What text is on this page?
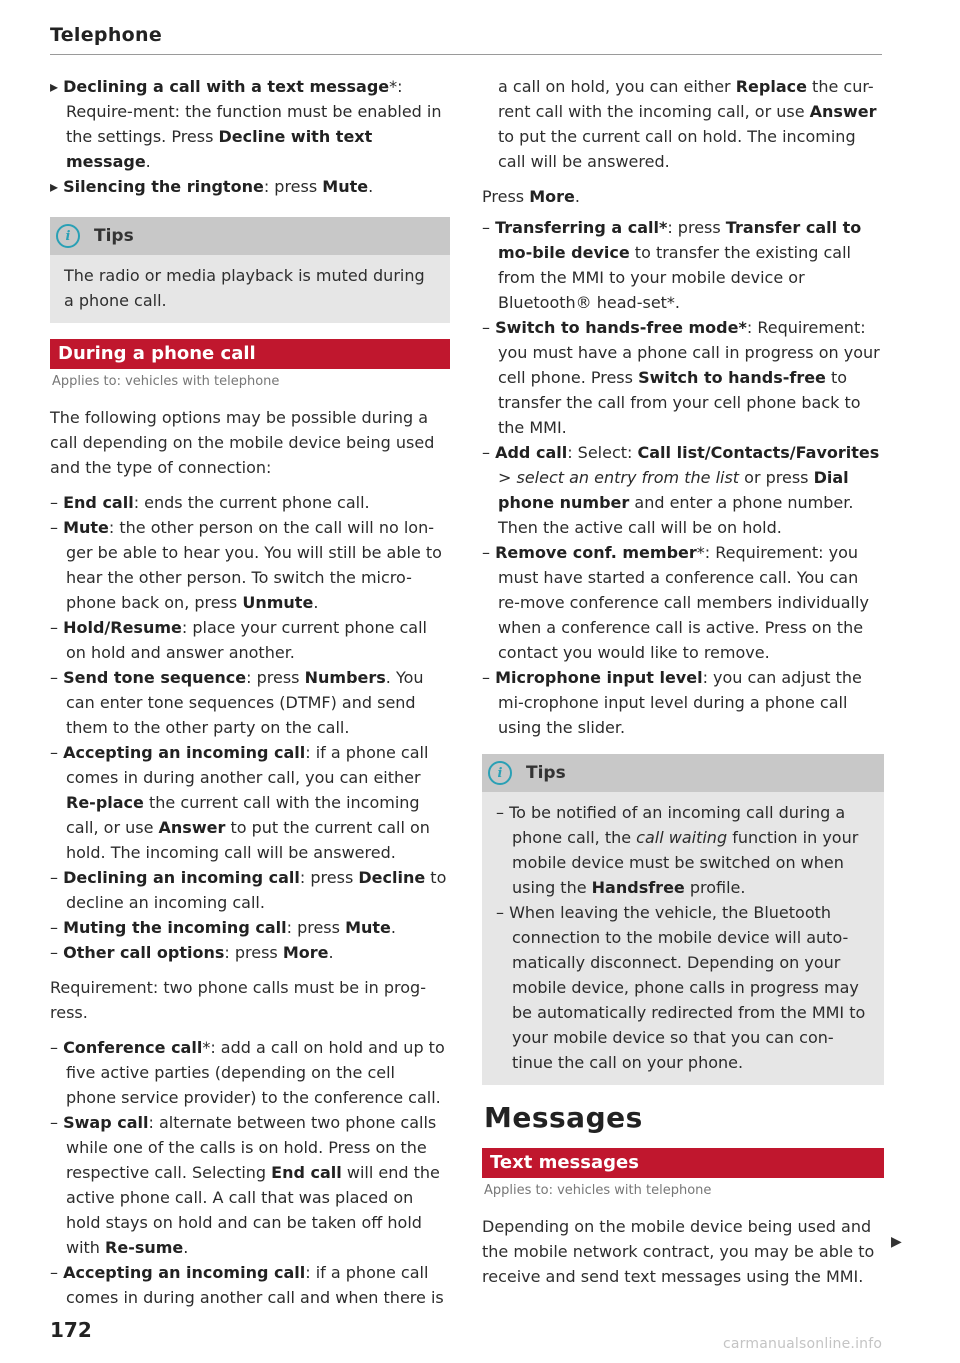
Telephone

▸ Declining a call with a text message*: Require-ment: the function must be enabled in the settings. Press Decline with text message.

▸ Silencing the ringtone: press Mute.

i	Tips
The radio or media playback is muted during a phone call.
During a phone call
Applies to: vehicles with telephone

The following options may be possible during a call depending on the mobile device being used and the type of connection:

– End call: ends the current phone call.

– Mute: the other person on the call will no lon-ger be able to hear you. You will still be able to hear the other person. To switch the micro-phone back on, press Unmute.

– Hold/Resume: place your current phone call on hold and answer another.

– Send tone sequence: press Numbers. You can enter tone sequences (DTMF) and send them to the other party on the call.

– Accepting an incoming call: if a phone call comes in during another call, you can either Re-place the current call with the incoming call, or use Answer to put the current call on hold. The incoming call will be answered.

– Declining an incoming call: press Decline to decline an incoming call.

– Muting the incoming call: press Mute.

– Other call options: press More.

Requirement: two phone calls must be in prog-ress.

– Conference call*: add a call on hold and up to five active parties (depending on the cell phone service provider) to the conference call.

– Swap call: alternate between two phone calls while one of the calls is on hold. Press on the respective call. Selecting End call will end the active phone call. A call that was placed on hold stays on hold and can be taken off hold with Re-sume.

– Accepting an incoming call: if a phone call comes in during another call and when there is

a call on hold, you can either Replace the cur-rent call with the incoming call, or use Answer to put the current call on hold. The incoming call will be answered.

Press More.

– Transferring a call*: press Transfer call to mo-bile device to transfer the existing call from the MMI to your mobile device or Bluetooth® head-set*.

– Switch to hands-free mode*: Requirement: you must have a phone call in progress on your cell phone. Press Switch to hands-free to transfer the call from your cell phone back to the MMI.

– Add call: Select: Call list/Contacts/Favorites > select an entry from the list or press Dial phone number and enter a phone number. Then the active call will be on hold.

– Remove conf. member*: Requirement: you must have started a conference call. You can re-move conference call members individually when a conference call is active. Press on the contact you would like to remove.

– Microphone input level: you can adjust the mi-crophone input level during a phone call using the slider.

i	Tips

– To be notified of an incoming call during a phone call, the call waiting function in your mobile device must be switched on when using the Handsfree profile.

– When leaving the vehicle, the Bluetooth connection to the mobile device will auto-matically disconnect. Depending on your mobile device, phone calls in progress may be automatically redirected from the MMI to your mobile device so that you can con-tinue the call on your phone.

Messages
Text messages
Applies to: vehicles with telephone

Depending on the mobile device being used and the mobile network contract, you may be able to receive and send text messages using the MMI.

▶
172
carmanualsonline.info
